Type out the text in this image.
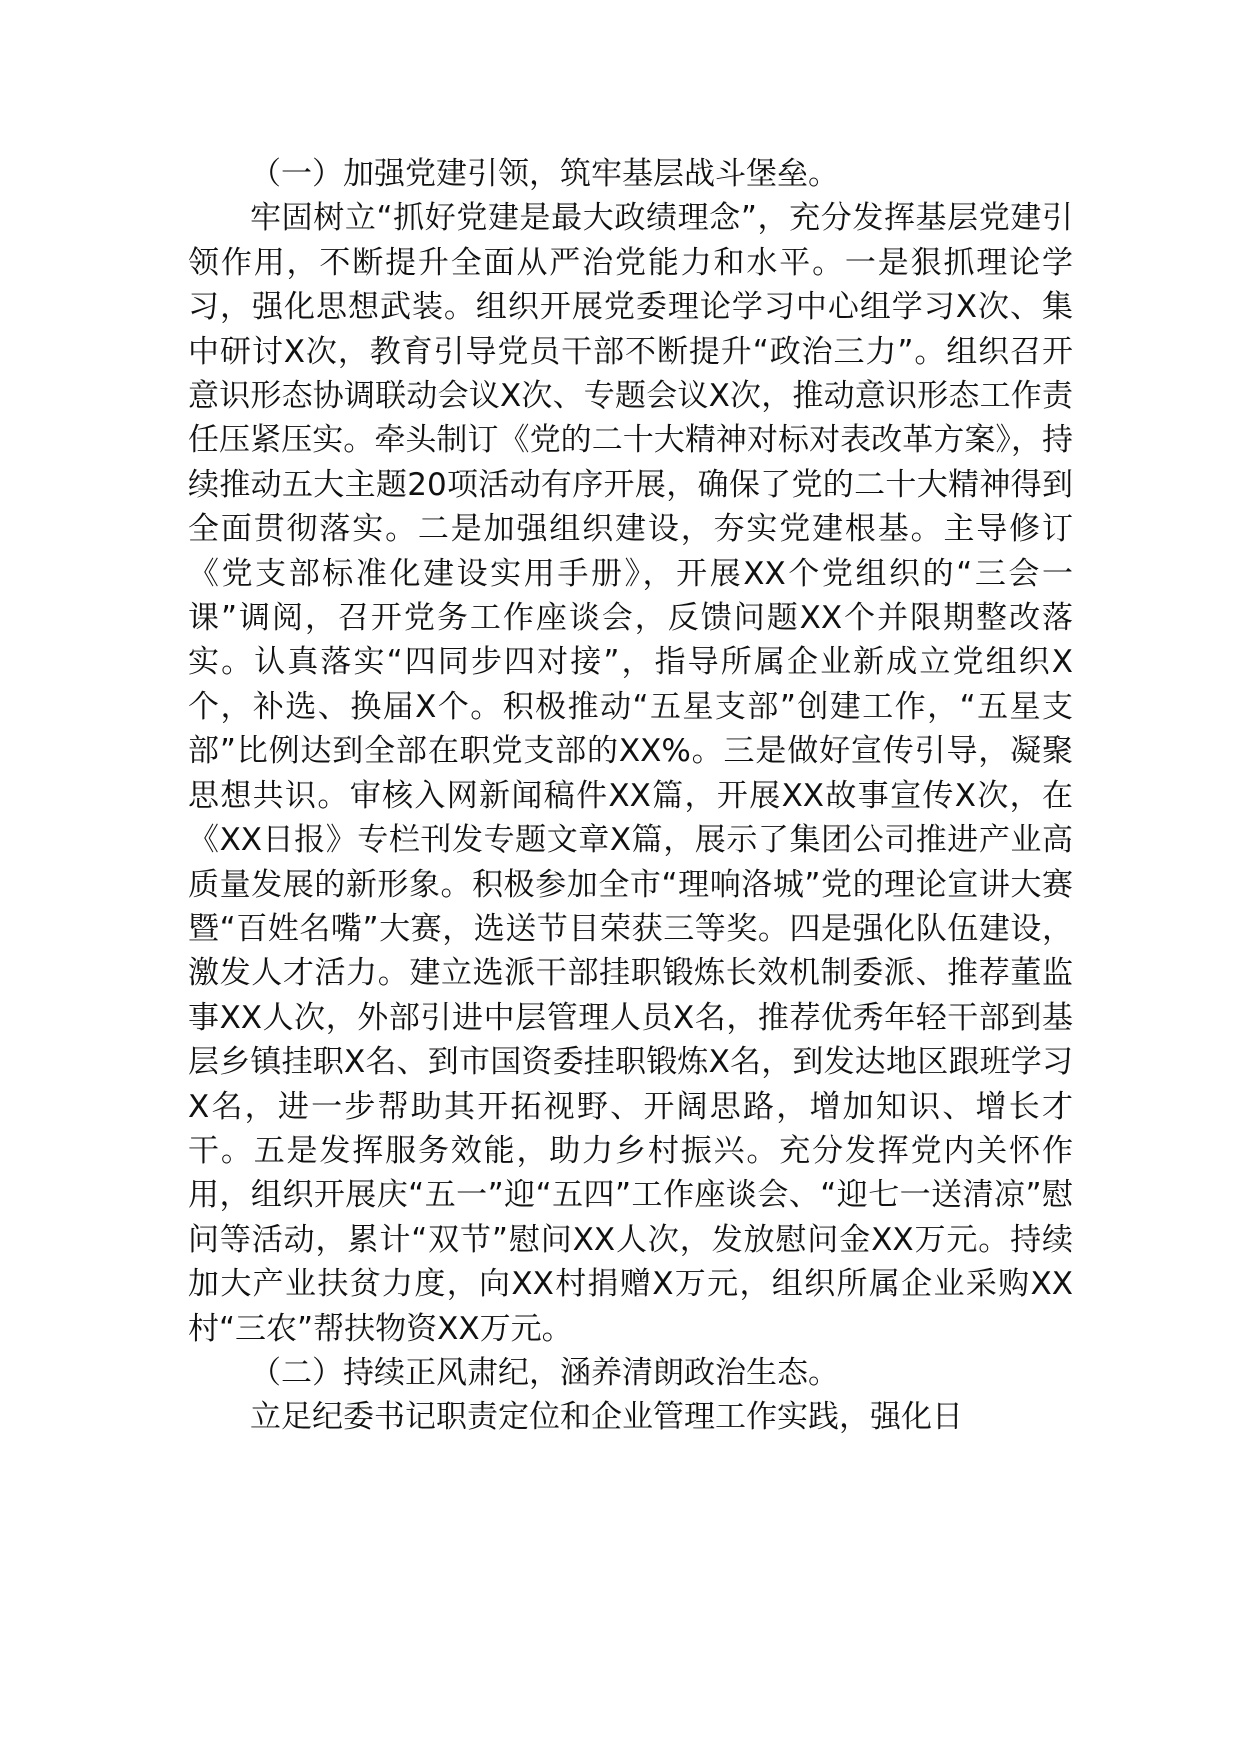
（一）加强党建引领，筑牢基层战斗堡垒。

牢固树立“抓好党建是最大政绩理念”，充分发挥基层党建引领作用，不断提升全面从严治党能力和水平。一是狠抓理论学习，强化思想武装。组织开展党委理论学习中心组学习X次、集中研讨X次，教育引导党员干部不断提升“政治三力”。组织召开意识形态协调联动会议X次、专题会议X次，推动意识形态工作责任压紧压实。牵头制订《党的二十大精神对标对表改革方案》，持续推动五大主题20项活动有序开展，确保了党的二十大精神得到全面贯彻落实。二是加强组织建设，夯实党建根基。主导修订《党支部标准化建设实用手册》，开展XX个党组织的“三会一课”调阅，召开党务工作座谈会，反馈问题XX个并限期整改落实。认真落实“四同步四对接”，指导所属企业新成立党组织X个，补选、换届X个。积极推动“五星支部”创建工作，“五星支部”比例达到全部在职党支部的XX%。三是做好宣传引导，凝聚思想共识。审核入网新闻稿件XX篇，开展XX故事宣传X次，在《XX日报》专栏刊发专题文章X篇，展示了集团公司推进产业高质量发展的新形象。积极参加全市“理响洛城”党的理论宣讲大赛暨“百姓名嘴”大赛，选送节目荣获三等奖。四是强化队伍建设，激发人才活力。建立选派干部挂职锻炼长效机制委派、推荐董监事XX人次，外部引进中层管理人员X名，推荐优秀年轻干部到基层乡镇挂职X名、到市国资委挂职锻炼X名，到发达地区跟班学习X名，进一步帮助其开拓视野、开阔思路，增加知识、增长才干。五是发挥服务效能，助力乡村振兴。充分发挥党内关怀作用，组织开展庆“五一”迎“五四”工作座谈会、“迎七一送清凉”慰问等活动，累计“双节”慰问XX人次，发放慰问金XX万元。持续加大产业扶贫力度，向XX村捐赠X万元，组织所属企业采购XX村“三农”帮扶物资XX万元。

（二）持续正风肃纪，涵养清朗政治生态。

立足纪委书记职责定位和企业管理工作实践，强化日
